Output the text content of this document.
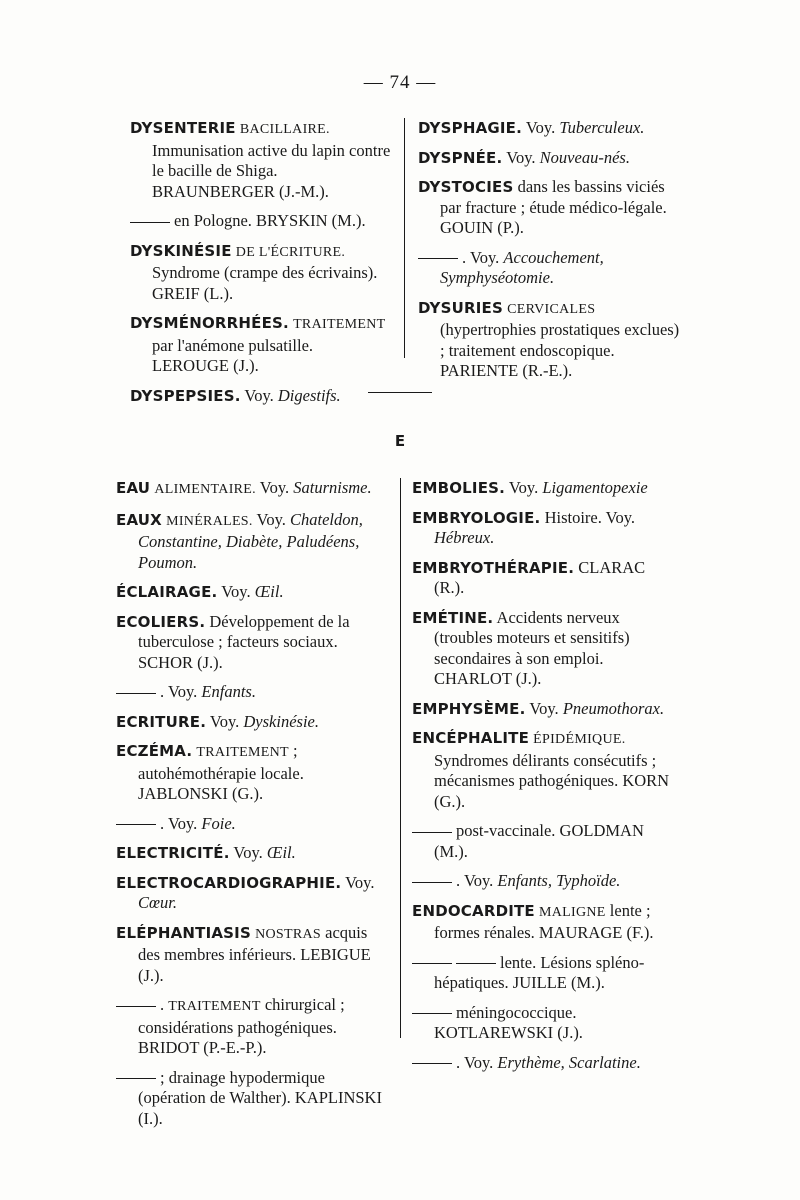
— 74 —
DYSENTERIE BACILLAIRE. Immunisation active du lapin contre le bacille de Shiga. BRAUNBERGER (J.-M.).
en Pologne. BRYSKIN (M.).
DYSKINÉSIE DE L'ÉCRITURE. Syndrome (crampe des écrivains). GREIF (L.).
DYSMÉNORRHÉES. TRAITEMENT par l'anémone pulsatille. LEROUGE (J.).
DYSPEPSIES. Voy. Digestifs.
DYSPHAGIE. Voy. Tuberculeux.
DYSPNÉE. Voy. Nouveau-nés.
DYSTOCIES dans les bassins viciés par fracture ; étude médico-légale. GOUIN (P.).
. Voy. Accouchement, Symphyséotomie.
DYSURIES CERVICALES (hypertrophies prostatiques exclues) ; traitement endoscopique. PARIENTE (R.-E.).
E
EAU ALIMENTAIRE. Voy. Saturnisme.
EAUX MINÉRALES. Voy. Chateldon, Constantine, Diabète, Paludéens, Poumon.
ÉCLAIRAGE. Voy. Œil.
ECOLIERS. Développement de la tuberculose ; facteurs sociaux. SCHOR (J.).
. Voy. Enfants.
ECRITURE. Voy. Dyskinésie.
ECZÉMA. TRAITEMENT ; autohémothérapie locale. JABLONSKI (G.).
. Voy. Foie.
ELECTRICITÉ. Voy. Œil.
ELECTROCARDIOGRAPHIE. Voy. Cœur.
ELÉPHANTIASIS NOSTRAS acquis des membres inférieurs. LEBIGUE (J.).
. TRAITEMENT chirurgical ; considérations pathogéniques. BRIDOT (P.-E.-P.).
; drainage hypodermique (opération de Walther). KAPLINSKI (I.).
EMBOLIES. Voy. Ligamentopexie
EMBRYOLOGIE. Histoire. Voy. Hébreux.
EMBRYOTHÉRAPIE. CLARAC (R.).
EMÉTINE. Accidents nerveux (troubles moteurs et sensitifs) secondaires à son emploi. CHARLOT (J.).
EMPHYSÈME. Voy. Pneumothorax.
ENCÉPHALITE ÉPIDÉMIQUE. Syndromes délirants consécutifs ; mécanismes pathogéniques. KORN (G.).
post-vaccinale. GOLDMAN (M.).
. Voy. Enfants, Typhoïde.
ENDOCARDITE MALIGNE lente ; formes rénales. MAURAGE (F.).
lente. Lésions spléno-hépatiques. JUILLE (M.).
méningococcique. KOTLAREWSKI (J.).
. Voy. Erythème, Scarlatine.
